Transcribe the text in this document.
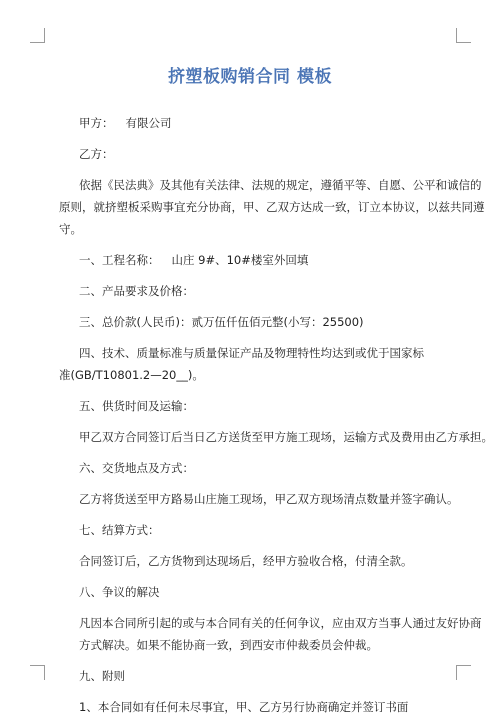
挤塑板购销合同 模板

甲方： 有限公司

乙方：

依据《民法典》及其他有关法律、法规的规定，遵循平等、自愿、公平和诚信的
原则，就挤塑板采购事宜充分协商，甲、乙双方达成一致，订立本协议，以兹共同遵
守。

一、工程名称： 山庄 9#、10#楼室外回填

二、产品要求及价格：

三、总价款(人民币)：贰万伍仟伍佰元整(小写：25500)

四、技术、质量标准与质量保证产品及物理特性均达到或优于国家标
准(GB/T10801.2—20__)。

五、供货时间及运输：

甲乙双方合同签订后当日乙方送货至甲方施工现场，运输方式及费用由乙方承担。

六、交货地点及方式：

乙方将货送至甲方路易山庄施工现场，甲乙双方现场清点数量并签字确认。

七、结算方式：

合同签订后，乙方货物到达现场后，经甲方验收合格，付清全款。

八、争议的解决

凡因本合同所引起的或与本合同有关的任何争议，应由双方当事人通过友好协商
方式解决。如果不能协商一致，到西安市仲裁委员会仲裁。

九、附则

1、本合同如有任何未尽事宜，甲、乙方另行协商确定并签订书面
